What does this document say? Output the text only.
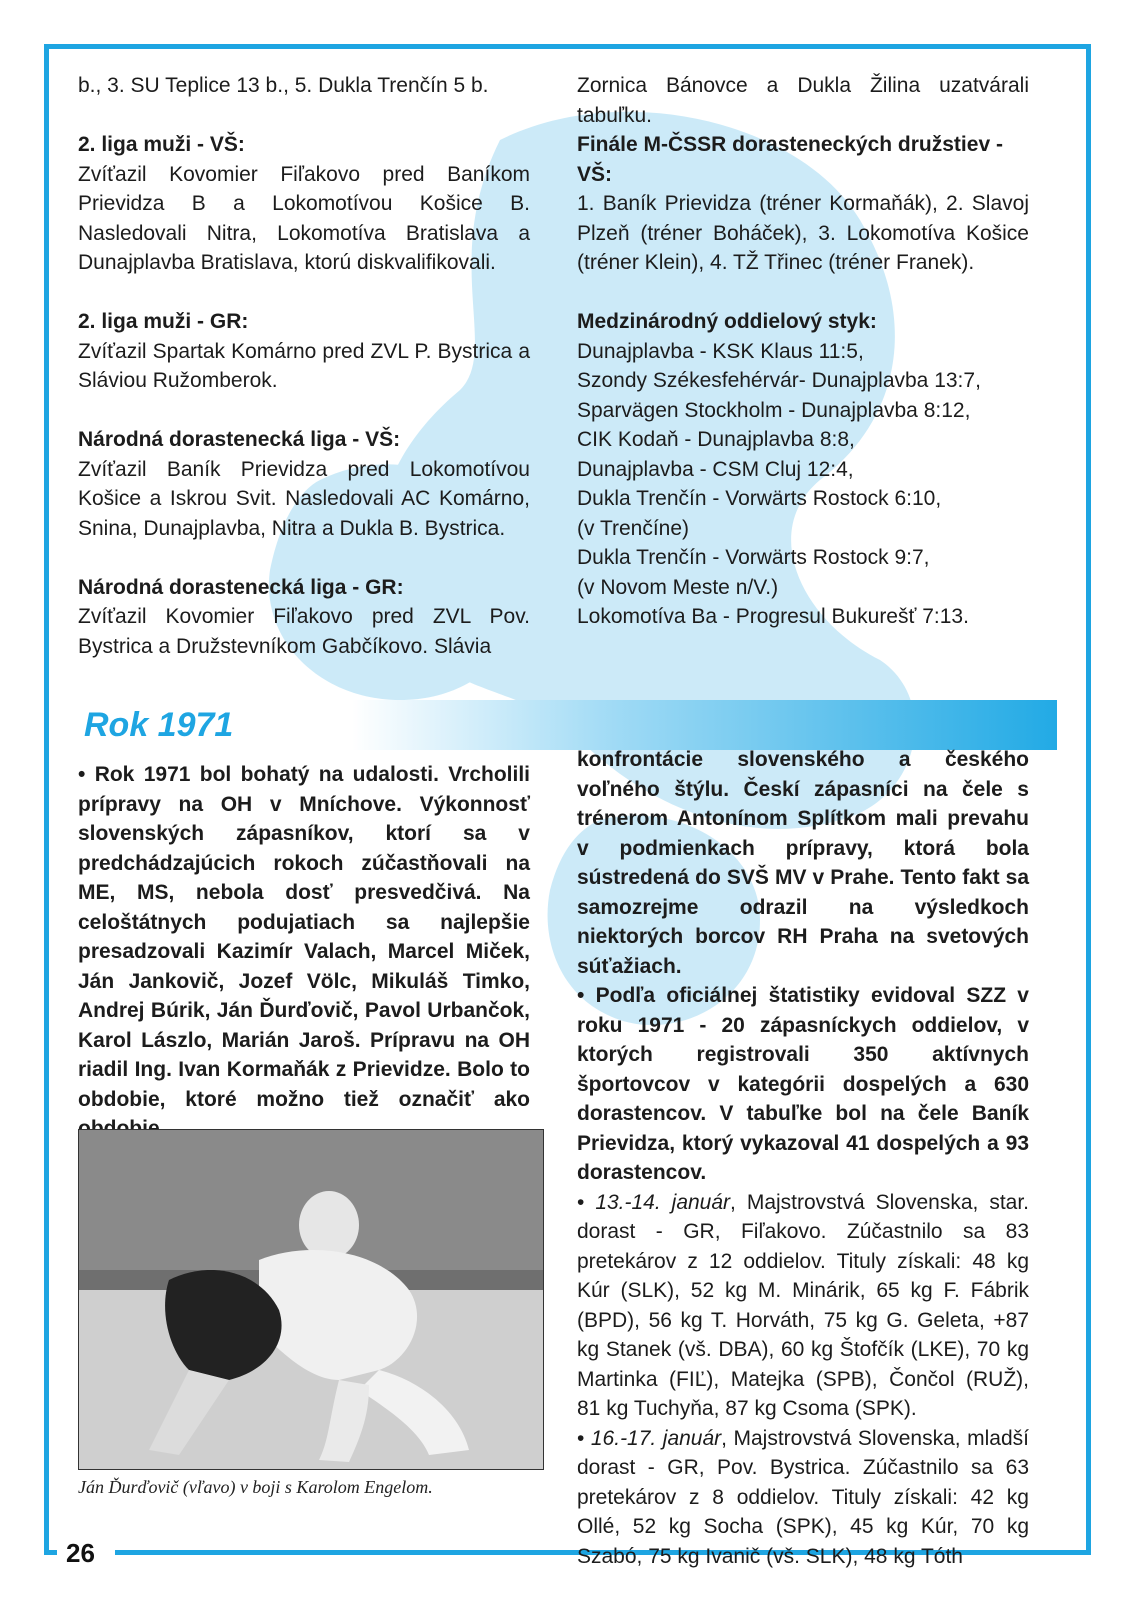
b., 3. SU Teplice 13 b., 5. Dukla Trenčín 5 b.

2. liga muži - VŠ:

Zvíťazil Kovomier Fiľakovo pred Baníkom Prievidza B a Lokomotívou Košice B. Nasledovali Nitra, Lokomotíva Bratislava a Dunajplavba Bratislava, ktorú diskvalifikovali.

2. liga muži - GR:

Zvíťazil Spartak Komárno pred ZVL P. Bystrica a Sláviou Ružomberok.

Národná dorastenecká liga - VŠ:

Zvíťazil Baník Prievidza pred Lokomotívou Košice a Iskrou Svit. Nasledovali AC Komárno, Snina, Dunajplavba, Nitra a Dukla B. Bystrica.

Národná dorastenecká liga - GR:

Zvíťazil Kovomier Fiľakovo pred ZVL Pov. Bystrica a Družstevníkom Gabčíkovo. Slávia

Zornica Bánovce a Dukla Žilina uzatvárali tabuľku.

Finále M-ČSSR dorasteneckých družstiev - VŠ:

1. Baník Prievidza (tréner Kormaňák), 2. Slavoj Plzeň (tréner Boháček), 3. Lokomotíva Košice (tréner Klein), 4. TŽ Třinec (tréner Franek).

Medzinárodný oddielový styk:

Dunajplavba - KSK Klaus 11:5,

Szondy Székesfehérvár- Dunajplavba 13:7,

Sparvägen Stockholm - Dunajplavba 8:12,

CIK Kodaň - Dunajplavba 8:8,

Dunajplavba - CSM Cluj 12:4,

Dukla Trenčín - Vorwärts Rostock 6:10,

(v Trenčíne)

Dukla Trenčín - Vorwärts Rostock 9:7,

(v Novom Meste n/V.)

Lokomotíva Ba - Progresul Bukurešť 7:13.

Rok 1971

• Rok 1971 bol bohatý na udalosti. Vrcholili prípravy na OH v Mníchove. Výkonnosť slovenských zápasníkov, ktorí sa v predchádzajúcich rokoch zúčastňovali na ME, MS, nebola dosť presvedčivá. Na celoštátnych podujatiach sa najlepšie presadzovali Kazimír Valach, Marcel Miček, Ján Jankovič, Jozef Völc, Mikuláš Timko, Andrej Búrik, Ján Ďurďovič, Pavol Urbančok, Karol Lászlo, Marián Jaroš. Prípravu na OH riadil Ing. Ivan Kormaňák z Prievidze. Bolo to obdobie, ktoré možno tiež označiť ako

Ján Ďurďovič (vľavo) v boji s Karolom Engelom.

konfrontácie slovenského a českého voľného štýlu. Českí zápasníci na čele s trénerom Antonínom Splítkom mali prevahu v podmienkach prípravy, ktorá bola sústredená do SVŠ MV v Prahe. Tento fakt sa samozrejme odrazil na výsledkoch niektorých borcov RH Praha na svetových súťažiach.

• Podľa oficiálnej štatistiky evidoval SZZ v roku 1971 - 20 zápasníckych oddielov, v ktorých registrovali 350 aktívnych športovcov v kategórii dospelých a 630 dorastencov. V tabuľke bol na čele Baník Prievidza, ktorý vykazoval 41 dospelých a 93 dorastencov.

• 13.-14. január, Majstrovstvá Slovenska, star. dorast - GR, Fiľakovo. Zúčastnilo sa 83 pretekárov z 12 oddielov. Tituly získali: 48 kg Kúr (SLK), 52 kg M. Minárik, 65 kg F. Fábrik (BPD), 56 kg T. Horváth, 75 kg G. Geleta, +87 kg Stanek (vš. DBA), 60 kg Štofčík (LKE), 70 kg Martinka (FIĽ), Matejka (SPB), Čončol (RUŽ), 81 kg Tuchyňa, 87 kg Csoma (SPK).

• 16.-17. január, Majstrovstvá Slovenska, mladší dorast - GR, Pov. Bystrica. Zúčastnilo sa 63 pretekárov z 8 oddielov. Tituly získali: 42 kg Ollé, 52 kg Socha (SPK), 45 kg Kúr, 70 kg Szabó, 75 kg Ivanič (vš. SLK), 48 kg Tóth

26
